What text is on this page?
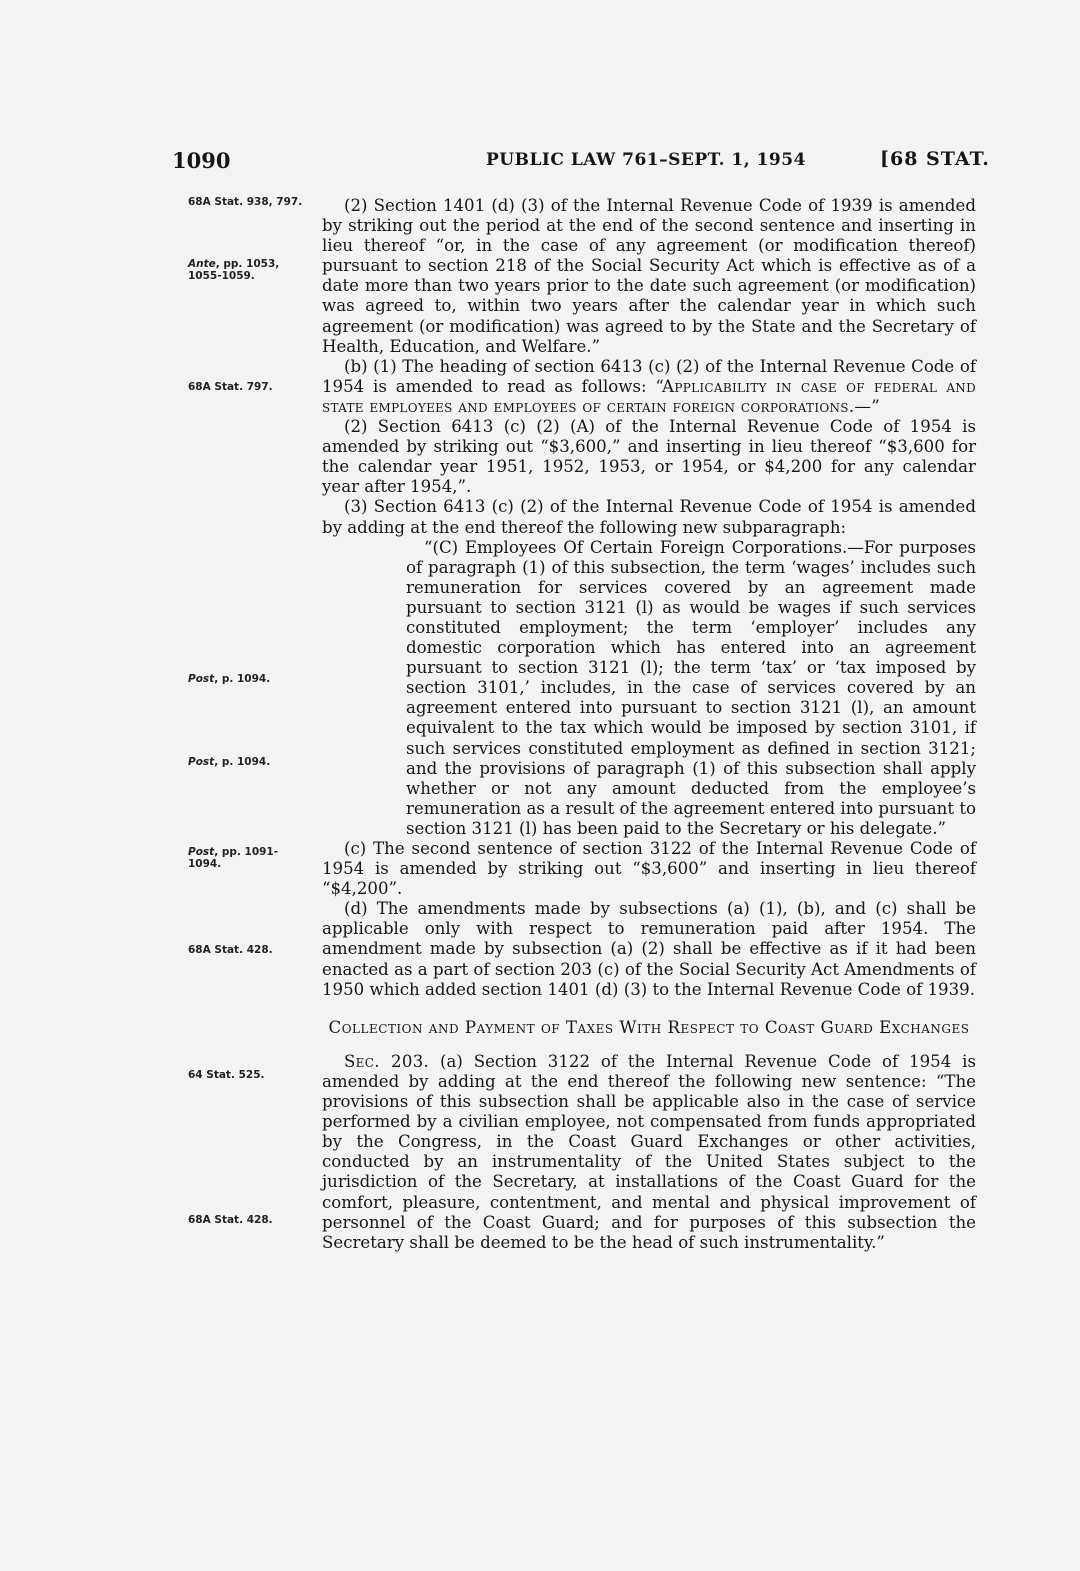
1090	PUBLIC LAW 761–SEPT. 1, 1954	[68 STAT.
68A Stat. 938, 797.
Ante, pp. 1053, 1055-1059.
68A Stat. 797.
Post, p. 1094.
Post, p. 1094.
Post, pp. 1091-1094.
68A Stat. 428.
64 Stat. 525.
68A Stat. 428.

(2) Section 1401 (d) (3) of the Internal Revenue Code of 1939 is amended by striking out the period at the end of the second sentence and inserting in lieu thereof “or, in the case of any agreement (or modification thereof) pursuant to section 218 of the Social Security Act which is effective as of a date more than two years prior to the date such agreement (or modification) was agreed to, within two years after the calendar year in which such agreement (or modification) was agreed to by the State and the Secretary of Health, Education, and Welfare.”

(b) (1) The heading of section 6413 (c) (2) of the Internal Revenue Code of 1954 is amended to read as follows: “Applicability in case of federal and state employees and employees of certain foreign corporations.—”

(2) Section 6413 (c) (2) (A) of the Internal Revenue Code of 1954 is amended by striking out “$3,600,” and inserting in lieu thereof “$3,600 for the calendar year 1951, 1952, 1953, or 1954, or $4,200 for any calendar year after 1954,”.

(3) Section 6413 (c) (2) of the Internal Revenue Code of 1954 is amended by adding at the end thereof the following new subparagraph:

“(C) Employees Of Certain Foreign Corporations.—For purposes of paragraph (1) of this subsection, the term ‘wages’ includes such remuneration for services covered by an agreement made pursuant to section 3121 (l) as would be wages if such services constituted employment; the term ‘employer’ includes any domestic corporation which has entered into an agreement pursuant to section 3121 (l); the term ‘tax’ or ‘tax imposed by section 3101,’ includes, in the case of services covered by an agreement entered into pursuant to section 3121 (l), an amount equivalent to the tax which would be imposed by section 3101, if such services constituted employment as defined in section 3121; and the provisions of paragraph (1) of this subsection shall apply whether or not any amount deducted from the employee’s remuneration as a result of the agreement entered into pursuant to section 3121 (l) has been paid to the Secretary or his delegate.”

(c) The second sentence of section 3122 of the Internal Revenue Code of 1954 is amended by striking out “$3,600” and inserting in lieu thereof “$4,200”.

(d) The amendments made by subsections (a) (1), (b), and (c) shall be applicable only with respect to remuneration paid after 1954. The amendment made by subsection (a) (2) shall be effective as if it had been enacted as a part of section 203 (c) of the Social Security Act Amendments of 1950 which added section 1401 (d) (3) to the Internal Revenue Code of 1939.

Collection and Payment of Taxes With Respect to Coast Guard Exchanges

Sec. 203. (a) Section 3122 of the Internal Revenue Code of 1954 is amended by adding at the end thereof the following new sentence: “The provisions of this subsection shall be applicable also in the case of service performed by a civilian employee, not compensated from funds appropriated by the Congress, in the Coast Guard Exchanges or other activities, conducted by an instrumentality of the United States subject to the jurisdiction of the Secretary, at installations of the Coast Guard for the comfort, pleasure, contentment, and mental and physical improvement of personnel of the Coast Guard; and for purposes of this subsection the Secretary shall be deemed to be the head of such instrumentality.”
